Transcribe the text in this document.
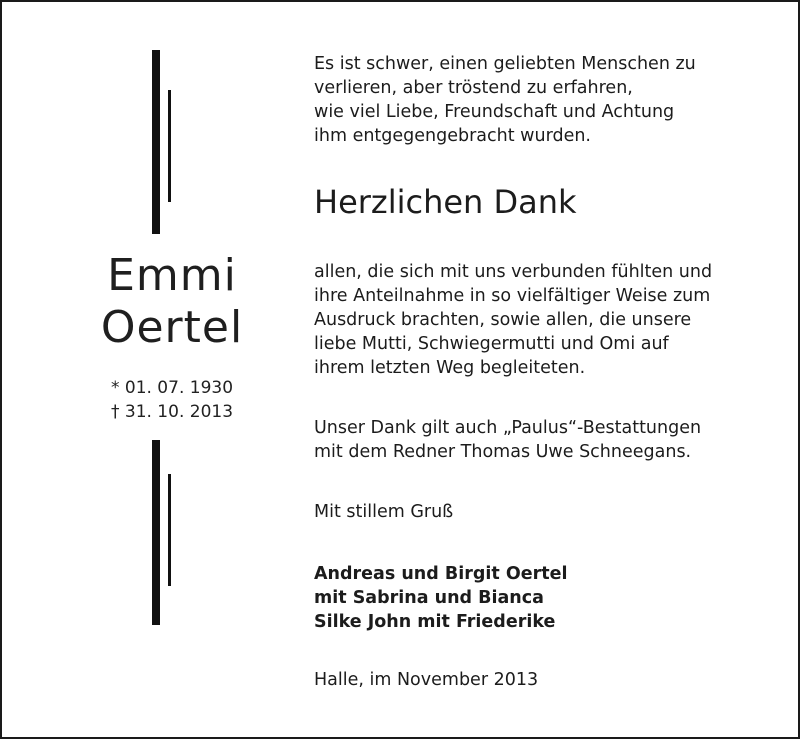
Emmi

Oertel

* 01. 07. 1930
† 31. 10. 2013
Es ist schwer, einen geliebten Menschen zu
verlieren, aber tröstend zu erfahren,
wie viel Liebe, Freundschaft und Achtung
ihm entgegengebracht wurden.
Herzlichen Dank
allen, die sich mit uns verbunden fühlten und
ihre Anteilnahme in so vielfältiger Weise zum
Ausdruck brachten, sowie allen, die unsere
liebe Mutti, Schwiegermutti und Omi auf
ihrem letzten Weg begleiteten.
Unser Dank gilt auch „Paulus“-Bestattungen
mit dem Redner Thomas Uwe Schneegans.
Mit stillem Gruß
Andreas und Birgit Oertel
mit Sabrina und Bianca
Silke John mit Friederike
Halle, im November 2013
